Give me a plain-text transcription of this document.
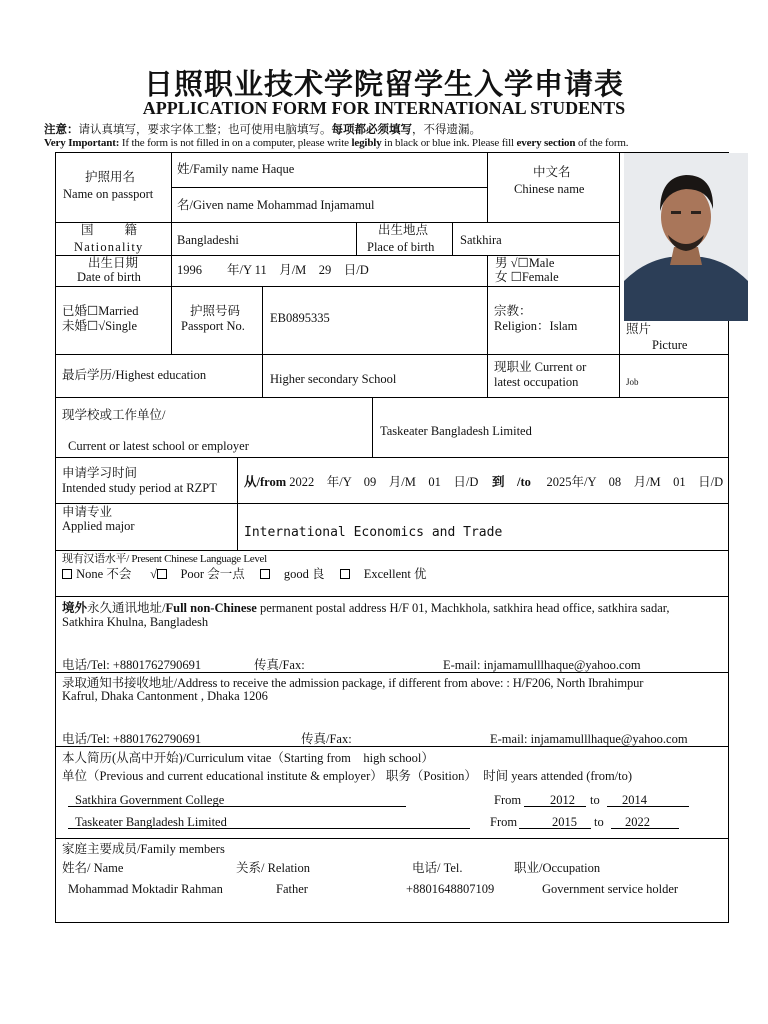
日照职业技术学院留学生入学申请表
APPLICATION FORM FOR INTERNATIONAL STUDENTS
注意：请认真填写，要求字体工整；也可使用电脑填写。每项都必须填写，不得遗漏。
Very Important: If the form is not filled in on a computer, please write legibly in black or blue ink. Please fill every section of the form.
护照用名
Name on passport
姓/Family name Haque
名/Given name Mohammad Injamamul
中文名
Chinese name
国　　籍
Nationality	Bangladeshi
出生地点
Place of birth Satkhira
出生日期
Date of birth	1996　　年/Y 11　月/M　29　日/D	男 √☐Male
女 ☐Female
已婚☐Married
未婚☐√Single
护照号码
Passport No.
EB0895335	宗教：
Religion：Islam	照片
Picture
最后学历/Highest education	Higher secondary School
现职业 Current or
latest occupation	Job
现学校或工作单位/
Current or latest school or employer
Taskeater Bangladesh Limited
申请学习时间
Intended study period at RZPT 从/from 2022　年/Y　09　月/M　01　日/D 到　/to　 2025年/Y　08　月/M　01　日/D
申请专业
Applied major	International Economics and Trade
现有汉语水平/ Present Chinese Language Level
None 不会 　 √　 Poor 会一点 　　	good 良 　　	Excellent 优
境外永久通讯地址/Full non-Chinese permanent postal address H/F 01, Machkhola, satkhira head office, satkhira sadar,
Satkhira Khulna, Bangladesh
电话/Tel: +8801762790691	传真/Fax:	E-mail: injamamulllhaque@yahoo.com
录取通知书接收地址/Address to receive the admission package, if different from above: : H/F206, North Ibrahimpur
Kafrul, Dhaka Cantonment , Dhaka 1206
电话/Tel: +8801762790691	传真/Fax:	E-mail: injamamulllhaque@yahoo.com
本人简历(从高中开始)/Curriculum vitae（Starting from　high school）
单位（Previous and current educational institute & employer） 职务（Position）　时间 years attended (from/to)
Satkhira Government College	From 2012 to 2014
Taskeater Bangladesh Limited	From	2015 to 2022
家庭主要成员/Family members
姓名/ Name	关系/ Relation	电话/ Tel.	职业/Occupation
Mohammad Moktadir Rahman	Father	+8801648807109	Government service holder
